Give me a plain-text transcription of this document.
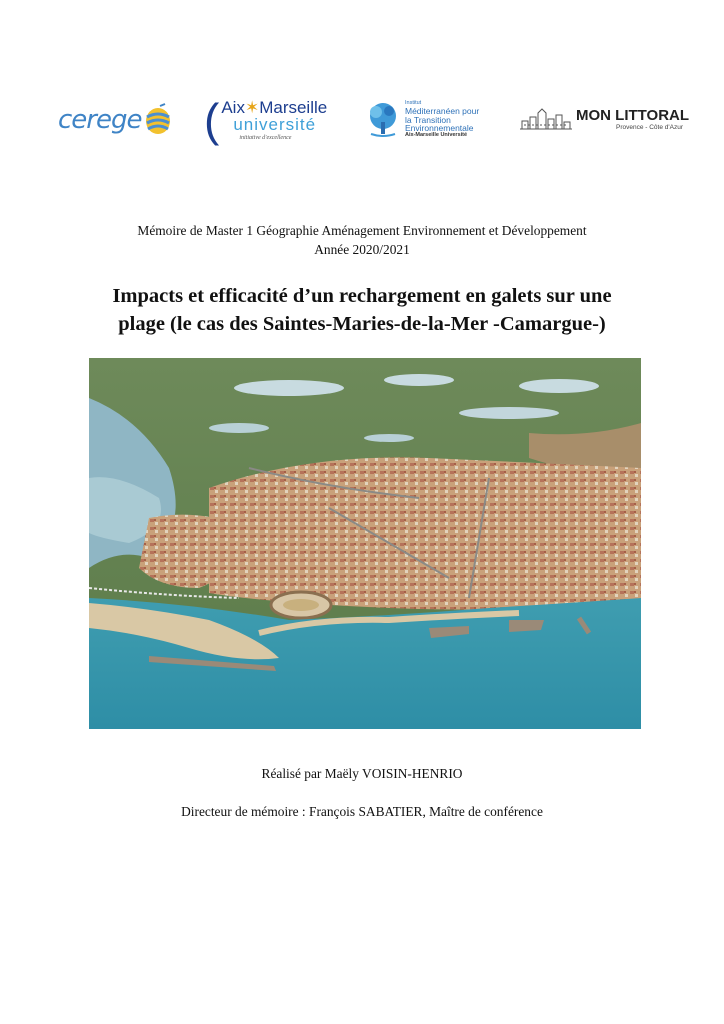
cerege ( Aix✶Marseille
université
initiative d'excellence
Institut
Méditerranéen pour
la Transition
Environnementale
Aix-Marseille Université
MON LITTORAL
Provence - Côte d'Azur
Mémoire de Master 1 Géographie Aménagement Environnement et Développement
Année 2020/2021
Impacts et efficacité d’un rechargement en galets sur une
plage (le cas des Saintes-Maries-de-la-Mer -Camargue-)
Réalisé par Maëly VOISIN-HENRIO
Directeur de mémoire : François SABATIER, Maître de conférence
